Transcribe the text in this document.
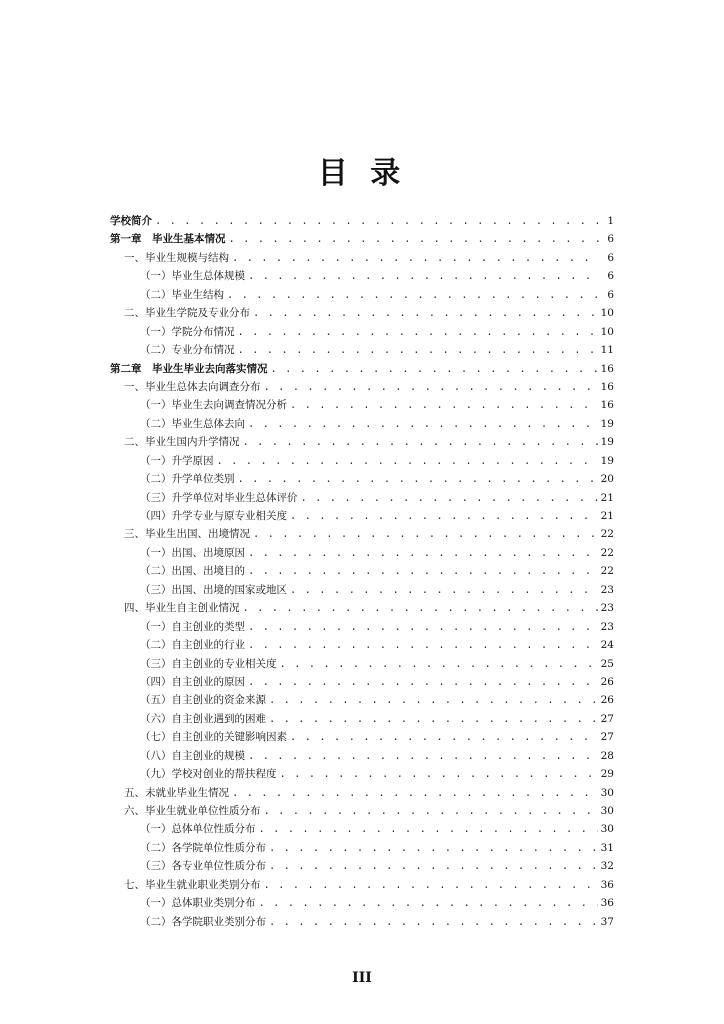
目 录
学校简介 . . .	1
第一章　毕业生基本情况 . . .	6
一、毕业生规模与结构 . . .	6
（一）毕业生总体规模 . . .	6
（二）毕业生结构 . . .	6
二、毕业生学院及专业分布 . . .	10
（一）学院分布情况 . . .	10
（二）专业分布情况 . . .	11
第二章　毕业生毕业去向落实情况 . . .	16
一、毕业生总体去向调查分布 . . .	16
（一）毕业生去向调查情况分析 . . .	16
（二）毕业生总体去向 . . .	19
二、毕业生国内升学情况 . . .	19
（一）升学原因 . . .	19
（二）升学单位类别 . . .	20
（三）升学单位对毕业生总体评价 . . .	21
（四）升学专业与原专业相关度 . . .	21
三、毕业生出国、出境情况 . . .	22
（一）出国、出境原因 . . .	22
（二）出国、出境目的 . . .	22
（三）出国、出境的国家或地区 . . .	23
四、毕业生自主创业情况 . . .	23
（一）自主创业的类型 . . .	23
（二）自主创业的行业 . . .	24
（三）自主创业的专业相关度 . . .	25
（四）自主创业的原因 . . .	26
（五）自主创业的资金来源 . . .	26
（六）自主创业遇到的困难 . . .	27
（七）自主创业的关键影响因素 . . .	27
（八）自主创业的规模 . . .	28
（九）学校对创业的帮扶程度 . . .	29
五、未就业毕业生情况 . . .	30
六、毕业生就业单位性质分布 . . .	30
（一）总体单位性质分布 . . .	30
（二）各学院单位性质分布 . . .	31
（三）各专业单位性质分布 . . .	32
七、毕业生就业职业类别分布 . . .	36
（一）总体职业类别分布 . . .	36
（二）各学院职业类别分布 . . .	37
III
